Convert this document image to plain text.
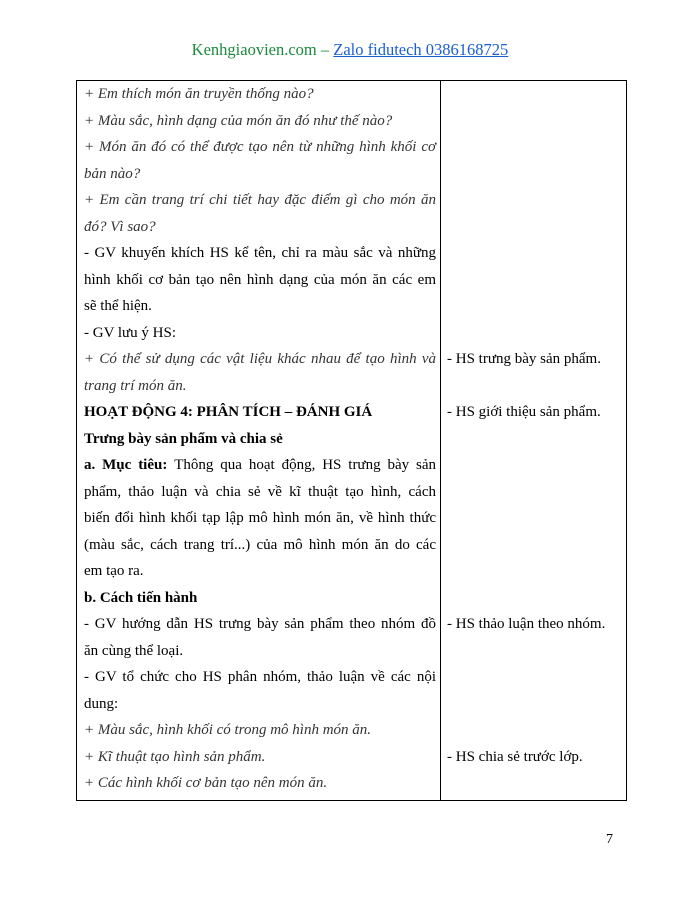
Kenhgiaovien.com – Zalo fidutech 0386168725
+ Em thích món ăn truyền thống nào?
+ Màu sắc, hình dạng của món ăn đó như thế nào?
+ Món ăn đó có thể được tạo nên từ những hình khối cơ
bản nào?
+ Em cần trang trí chi tiết hay đặc điểm gì cho món ăn
đó? Vì sao?
- GV khuyến khích HS kể tên, chỉ ra màu sắc và những
hình khối cơ bản tạo nên hình dạng của món ăn các em
sẽ thể hiện.
- GV lưu ý HS:
+ Có thể sử dụng các vật liệu khác nhau để tạo hình và
trang trí món ăn.
HOẠT ĐỘNG 4: PHÂN TÍCH – ĐÁNH GIÁ
Trưng bày sản phẩm và chia sẻ
a. Mục tiêu: Thông qua hoạt động, HS trưng bày sản
phẩm, thảo luận và chia sẻ về kĩ thuật tạo hình, cách
biến đổi hình khối tạp lập mô hình món ăn, về hình thức
(màu sắc, cách trang trí...) của mô hình món ăn do các
em tạo ra.
b. Cách tiến hành
- GV hướng dẫn HS trưng bày sản phẩm theo nhóm đồ
ăn cùng thể loại.
- GV tổ chức cho HS phân nhóm, thảo luận về các nội
dung:
+ Màu sắc, hình khối có trong mô hình món ăn.
+ Kĩ thuật tạo hình sản phẩm.
+ Các hình khối cơ bản tạo nên món ăn.
- HS trưng bày sản phẩm.
- HS giới thiệu sản phẩm.
- HS thảo luận theo nhóm.
- HS chia sẻ trước lớp.
7
